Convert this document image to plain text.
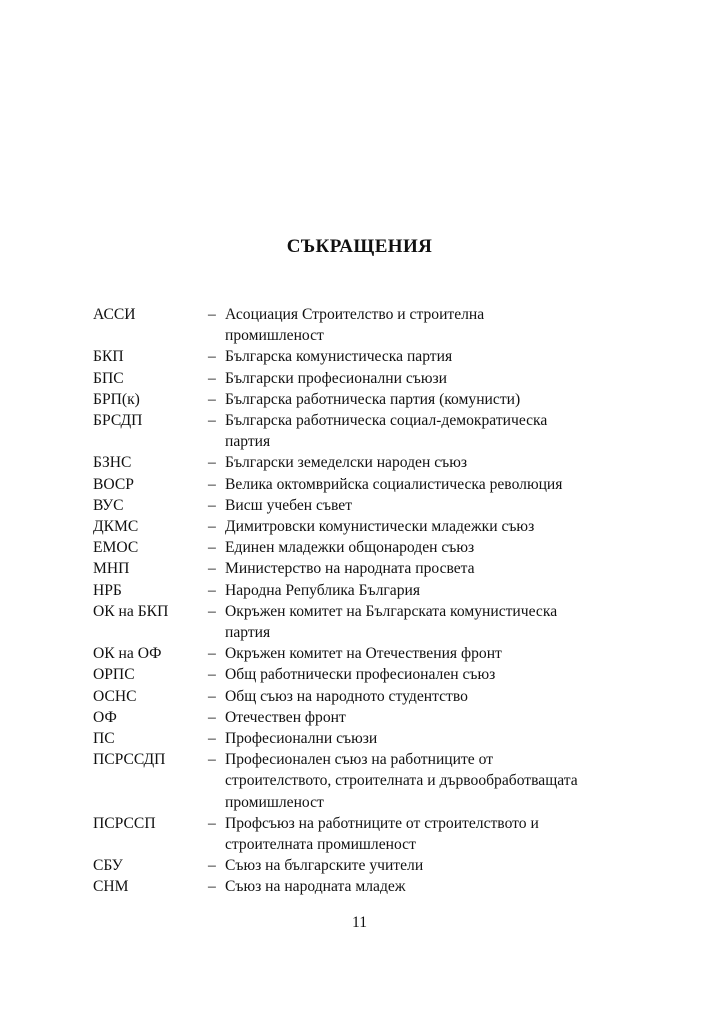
СЪКРАЩЕНИЯ
АССИ	– Асоциация Строителство и строителна
промишленост
БКП	– Българска комунистическа партия
БПС	– Български професионални съюзи
БРП(к)	– Българска работническа партия (комунисти)
БРСДП	– Българска работническа социал-демократическа
партия
БЗНС	– Български земеделски народен съюз
ВОСР	– Велика октомврийска социалистическа революция
ВУС	– Висш учебен съвет
ДКМС	– Димитровски комунистически младежки съюз
ЕМОС	– Единен младежки общонароден съюз
МНП	– Министерство на народната просвета
НРБ	– Народна Република България
ОК на БКП	– Окръжен комитет на Българската комунистическа
партия
ОК на ОФ	– Окръжен комитет на Отечествения фронт
ОРПС	– Общ работнически професионален съюз
ОСНС	– Общ съюз на народното студентство
ОФ	– Отечествен фронт
ПС	– Професионални съюзи
ПСРССДП	– Професионален съюз на работниците от
строителството, строителната и дървообработващата
промишленост
ПСРССП	– Профсъюз на работниците от строителството и
строителната промишленост
СБУ	– Съюз на българските учители
СНМ	– Съюз на народната младеж
11
